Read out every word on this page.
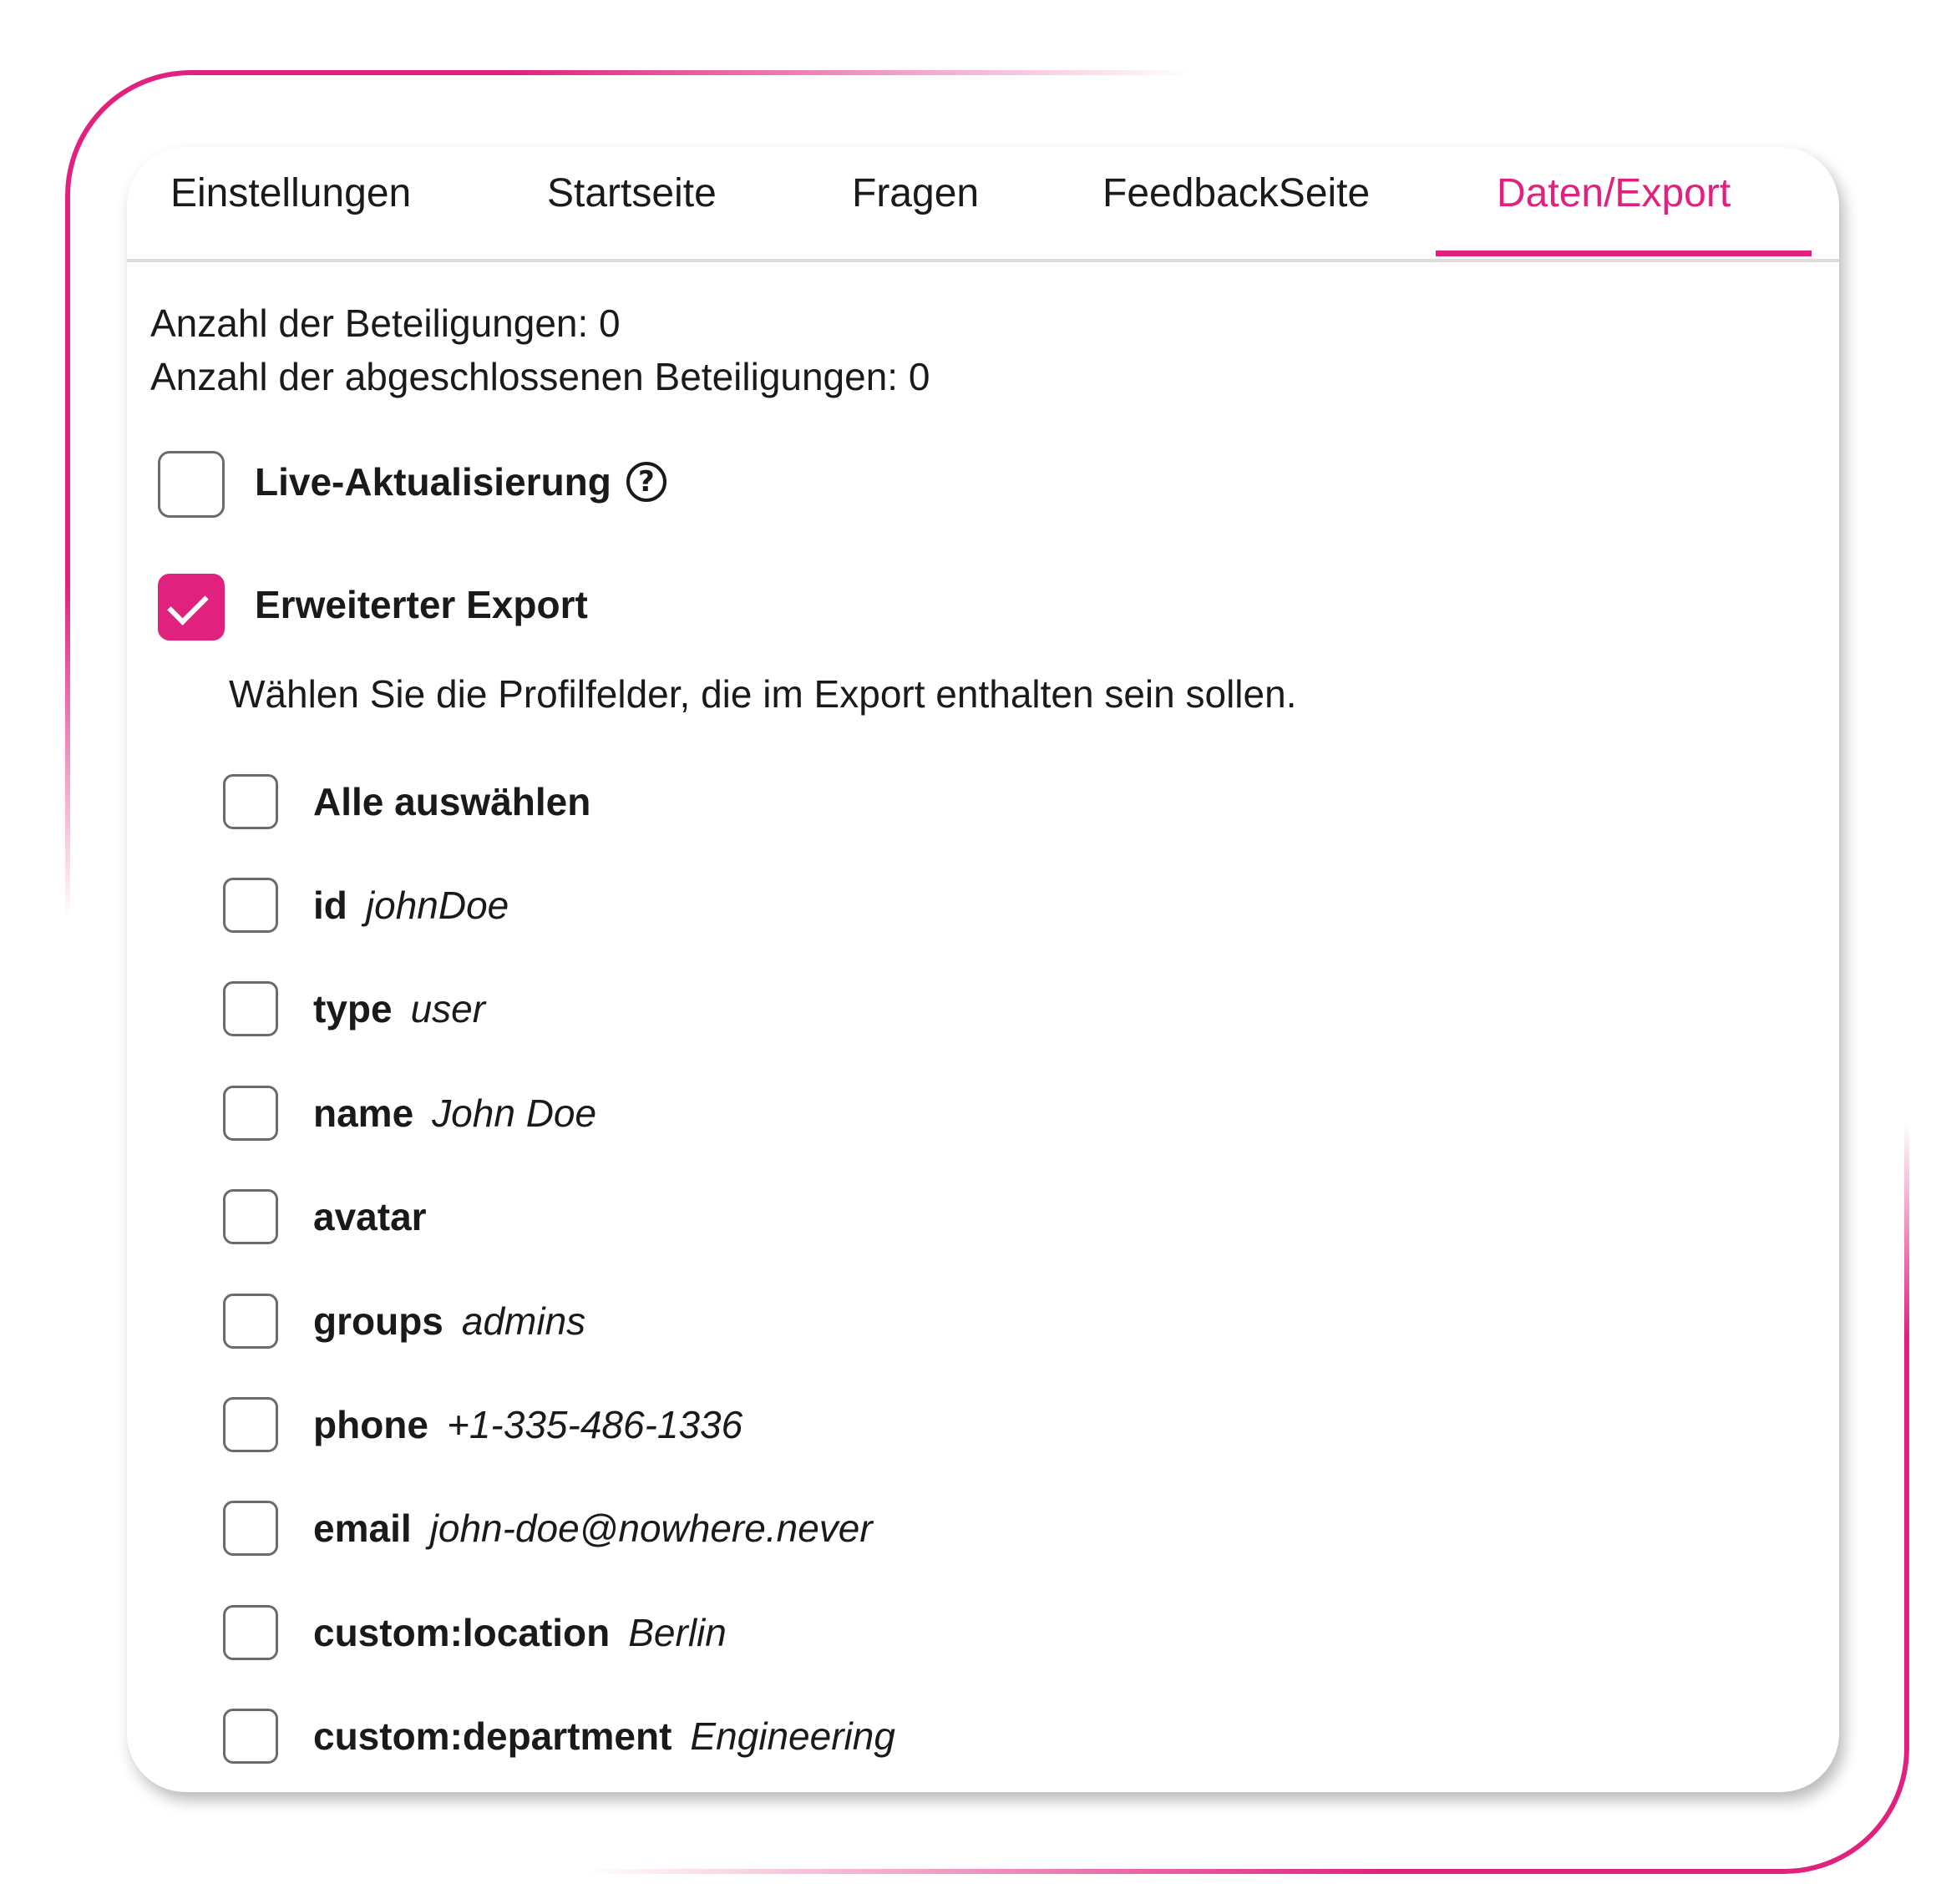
Einstellungen	Startseite	Fragen	FeedbackSeite	Daten/Export
Anzahl der Beteiligungen: 0
Anzahl der abgeschlossenen Beteiligungen: 0
Live-Aktualisierung ?
Erweiterter Export
Wählen Sie die Profilfelder, die im Export enthalten sein sollen.
Alle auswählen
id johnDoe
type user
name John Doe
avatar
groups admins
phone +1-335-486-1336
email john-doe@nowhere.never
custom:location Berlin
custom:department Engineering
